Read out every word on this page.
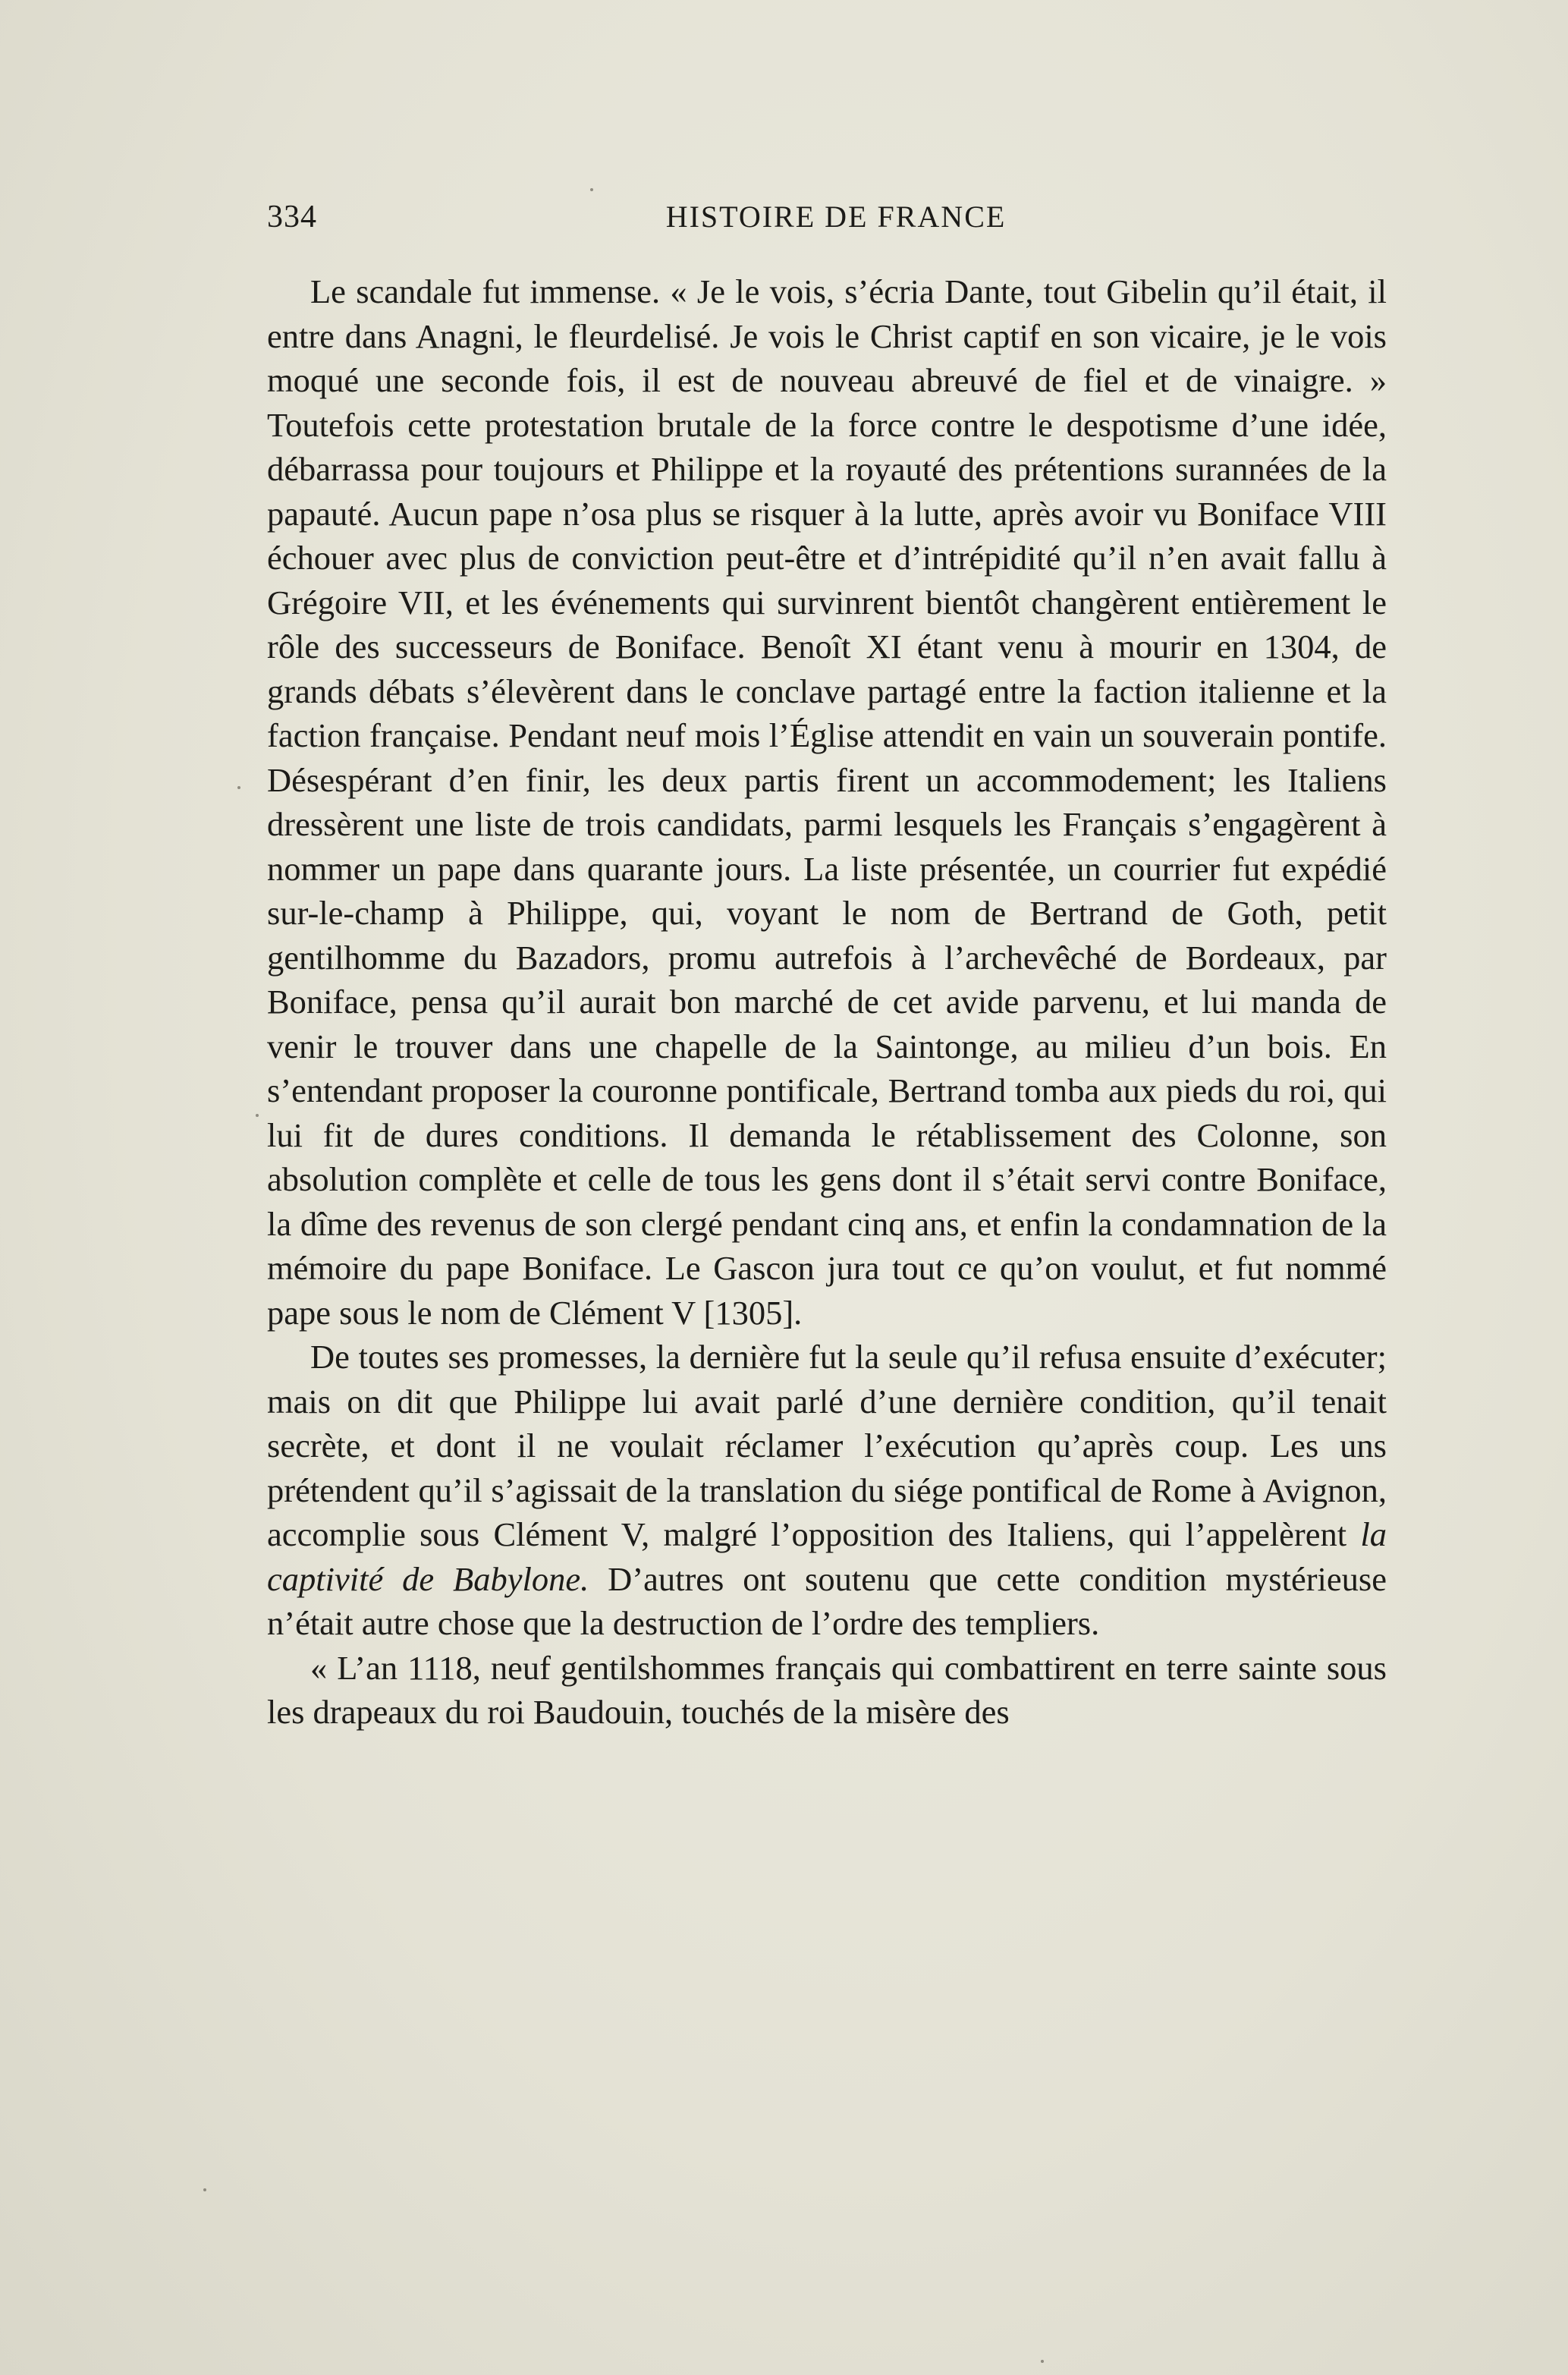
334	HISTOIRE DE FRANCE

Le scandale fut immense. « Je le vois, s’écria Dante, tout Gibelin qu’il était, il entre dans Anagni, le fleurdelisé. Je vois le Christ captif en son vicaire, je le vois moqué une seconde fois, il est de nouveau abreuvé de fiel et de vinaigre. » Toutefois cette protestation brutale de la force contre le despotisme d’une idée, débarrassa pour toujours et Philippe et la royauté des prétentions surannées de la papauté. Aucun pape n’osa plus se risquer à la lutte, après avoir vu Boniface VIII échouer avec plus de conviction peut-être et d’intrépidité qu’il n’en avait fallu à Grégoire VII, et les événements qui survinrent bientôt changèrent entièrement le rôle des successeurs de Boniface. Benoît XI étant venu à mourir en 1304, de grands débats s’élevèrent dans le conclave partagé entre la faction italienne et la faction française. Pendant neuf mois l’Église attendit en vain un souverain pontife. Désespérant d’en finir, les deux partis firent un accommodement; les Italiens dressèrent une liste de trois candidats, parmi lesquels les Français s’engagèrent à nommer un pape dans quarante jours. La liste présentée, un courrier fut expédié sur-le-champ à Philippe, qui, voyant le nom de Bertrand de Goth, petit gentilhomme du Bazadors, promu autrefois à l’archevêché de Bordeaux, par Boniface, pensa qu’il aurait bon marché de cet avide parvenu, et lui manda de venir le trouver dans une chapelle de la Saintonge, au milieu d’un bois. En s’entendant proposer la couronne pontificale, Bertrand tomba aux pieds du roi, qui lui fit de dures conditions. Il demanda le rétablissement des Colonne, son absolution complète et celle de tous les gens dont il s’était servi contre Boniface, la dîme des revenus de son clergé pendant cinq ans, et enfin la condamnation de la mémoire du pape Boniface. Le Gascon jura tout ce qu’on voulut, et fut nommé pape sous le nom de Clément V [1305].

De toutes ses promesses, la dernière fut la seule qu’il refusa ensuite d’exécuter; mais on dit que Philippe lui avait parlé d’une dernière condition, qu’il tenait secrète, et dont il ne voulait réclamer l’exécution qu’après coup. Les uns prétendent qu’il s’agissait de la translation du siége pontifical de Rome à Avignon, accomplie sous Clément V, malgré l’opposition des Italiens, qui l’appelèrent la captivité de Babylone. D’autres ont soutenu que cette condition mystérieuse n’était autre chose que la destruction de l’ordre des templiers.

« L’an 1118, neuf gentilshommes français qui combattirent en terre sainte sous les drapeaux du roi Baudouin, touchés de la misère des
